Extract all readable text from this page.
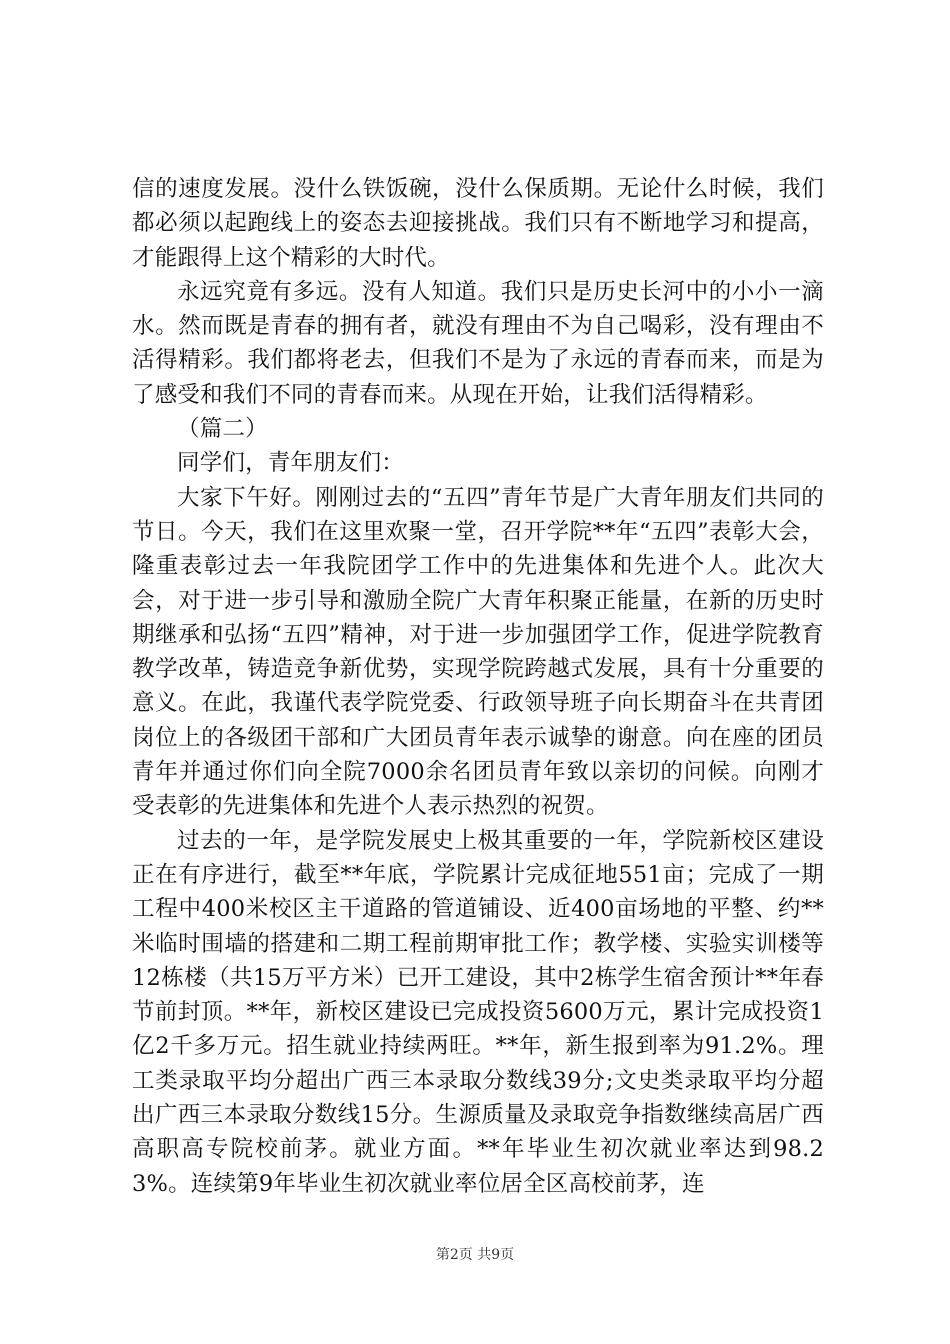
信的速度发展。没什么铁饭碗，没什么保质期。无论什么时候，我们都必须以起跑线上的姿态去迎接挑战。我们只有不断地学习和提高，才能跟得上这个精彩的大时代。

永远究竟有多远。没有人知道。我们只是历史长河中的小小一滴水。然而既是青春的拥有者，就没有理由不为自己喝彩，没有理由不活得精彩。我们都将老去，但我们不是为了永远的青春而来，而是为了感受和我们不同的青春而来。从现在开始，让我们活得精彩。

（篇二）

同学们，青年朋友们：

大家下午好。刚刚过去的“五四”青年节是广大青年朋友们共同的节日。今天，我们在这里欢聚一堂，召开学院**年“五四”表彰大会，隆重表彰过去一年我院团学工作中的先进集体和先进个人。此次大会，对于进一步引导和激励全院广大青年积聚正能量，在新的历史时期继承和弘扬“五四”精神，对于进一步加强团学工作，促进学院教育教学改革，铸造竞争新优势，实现学院跨越式发展，具有十分重要的意义。在此，我谨代表学院党委、行政领导班子向长期奋斗在共青团岗位上的各级团干部和广大团员青年表示诚挚的谢意。向在座的团员青年并通过你们向全院7000余名团员青年致以亲切的问候。向刚才受表彰的先进集体和先进个人表示热烈的祝贺。

过去的一年，是学院发展史上极其重要的一年，学院新校区建设正在有序进行，截至**年底，学院累计完成征地551亩；完成了一期工程中400米校区主干道路的管道铺设、近400亩场地的平整、约**米临时围墙的搭建和二期工程前期审批工作；教学楼、实验实训楼等12栋楼（共15万平方米）已开工建设，其中2栋学生宿舍预计**年春节前封顶。**年，新校区建设已完成投资5600万元，累计完成投资1亿2千多万元。招生就业持续两旺。**年，新生报到率为91.2%。理工类录取平均分超出广西三本录取分数线39分;文史类录取平均分超出广西三本录取分数线15分。生源质量及录取竞争指数继续高居广西高职高专院校前茅。就业方面。**年毕业生初次就业率达到98.23%。连续第9年毕业生初次就业率位居全区高校前茅，连

第2页 共9页
